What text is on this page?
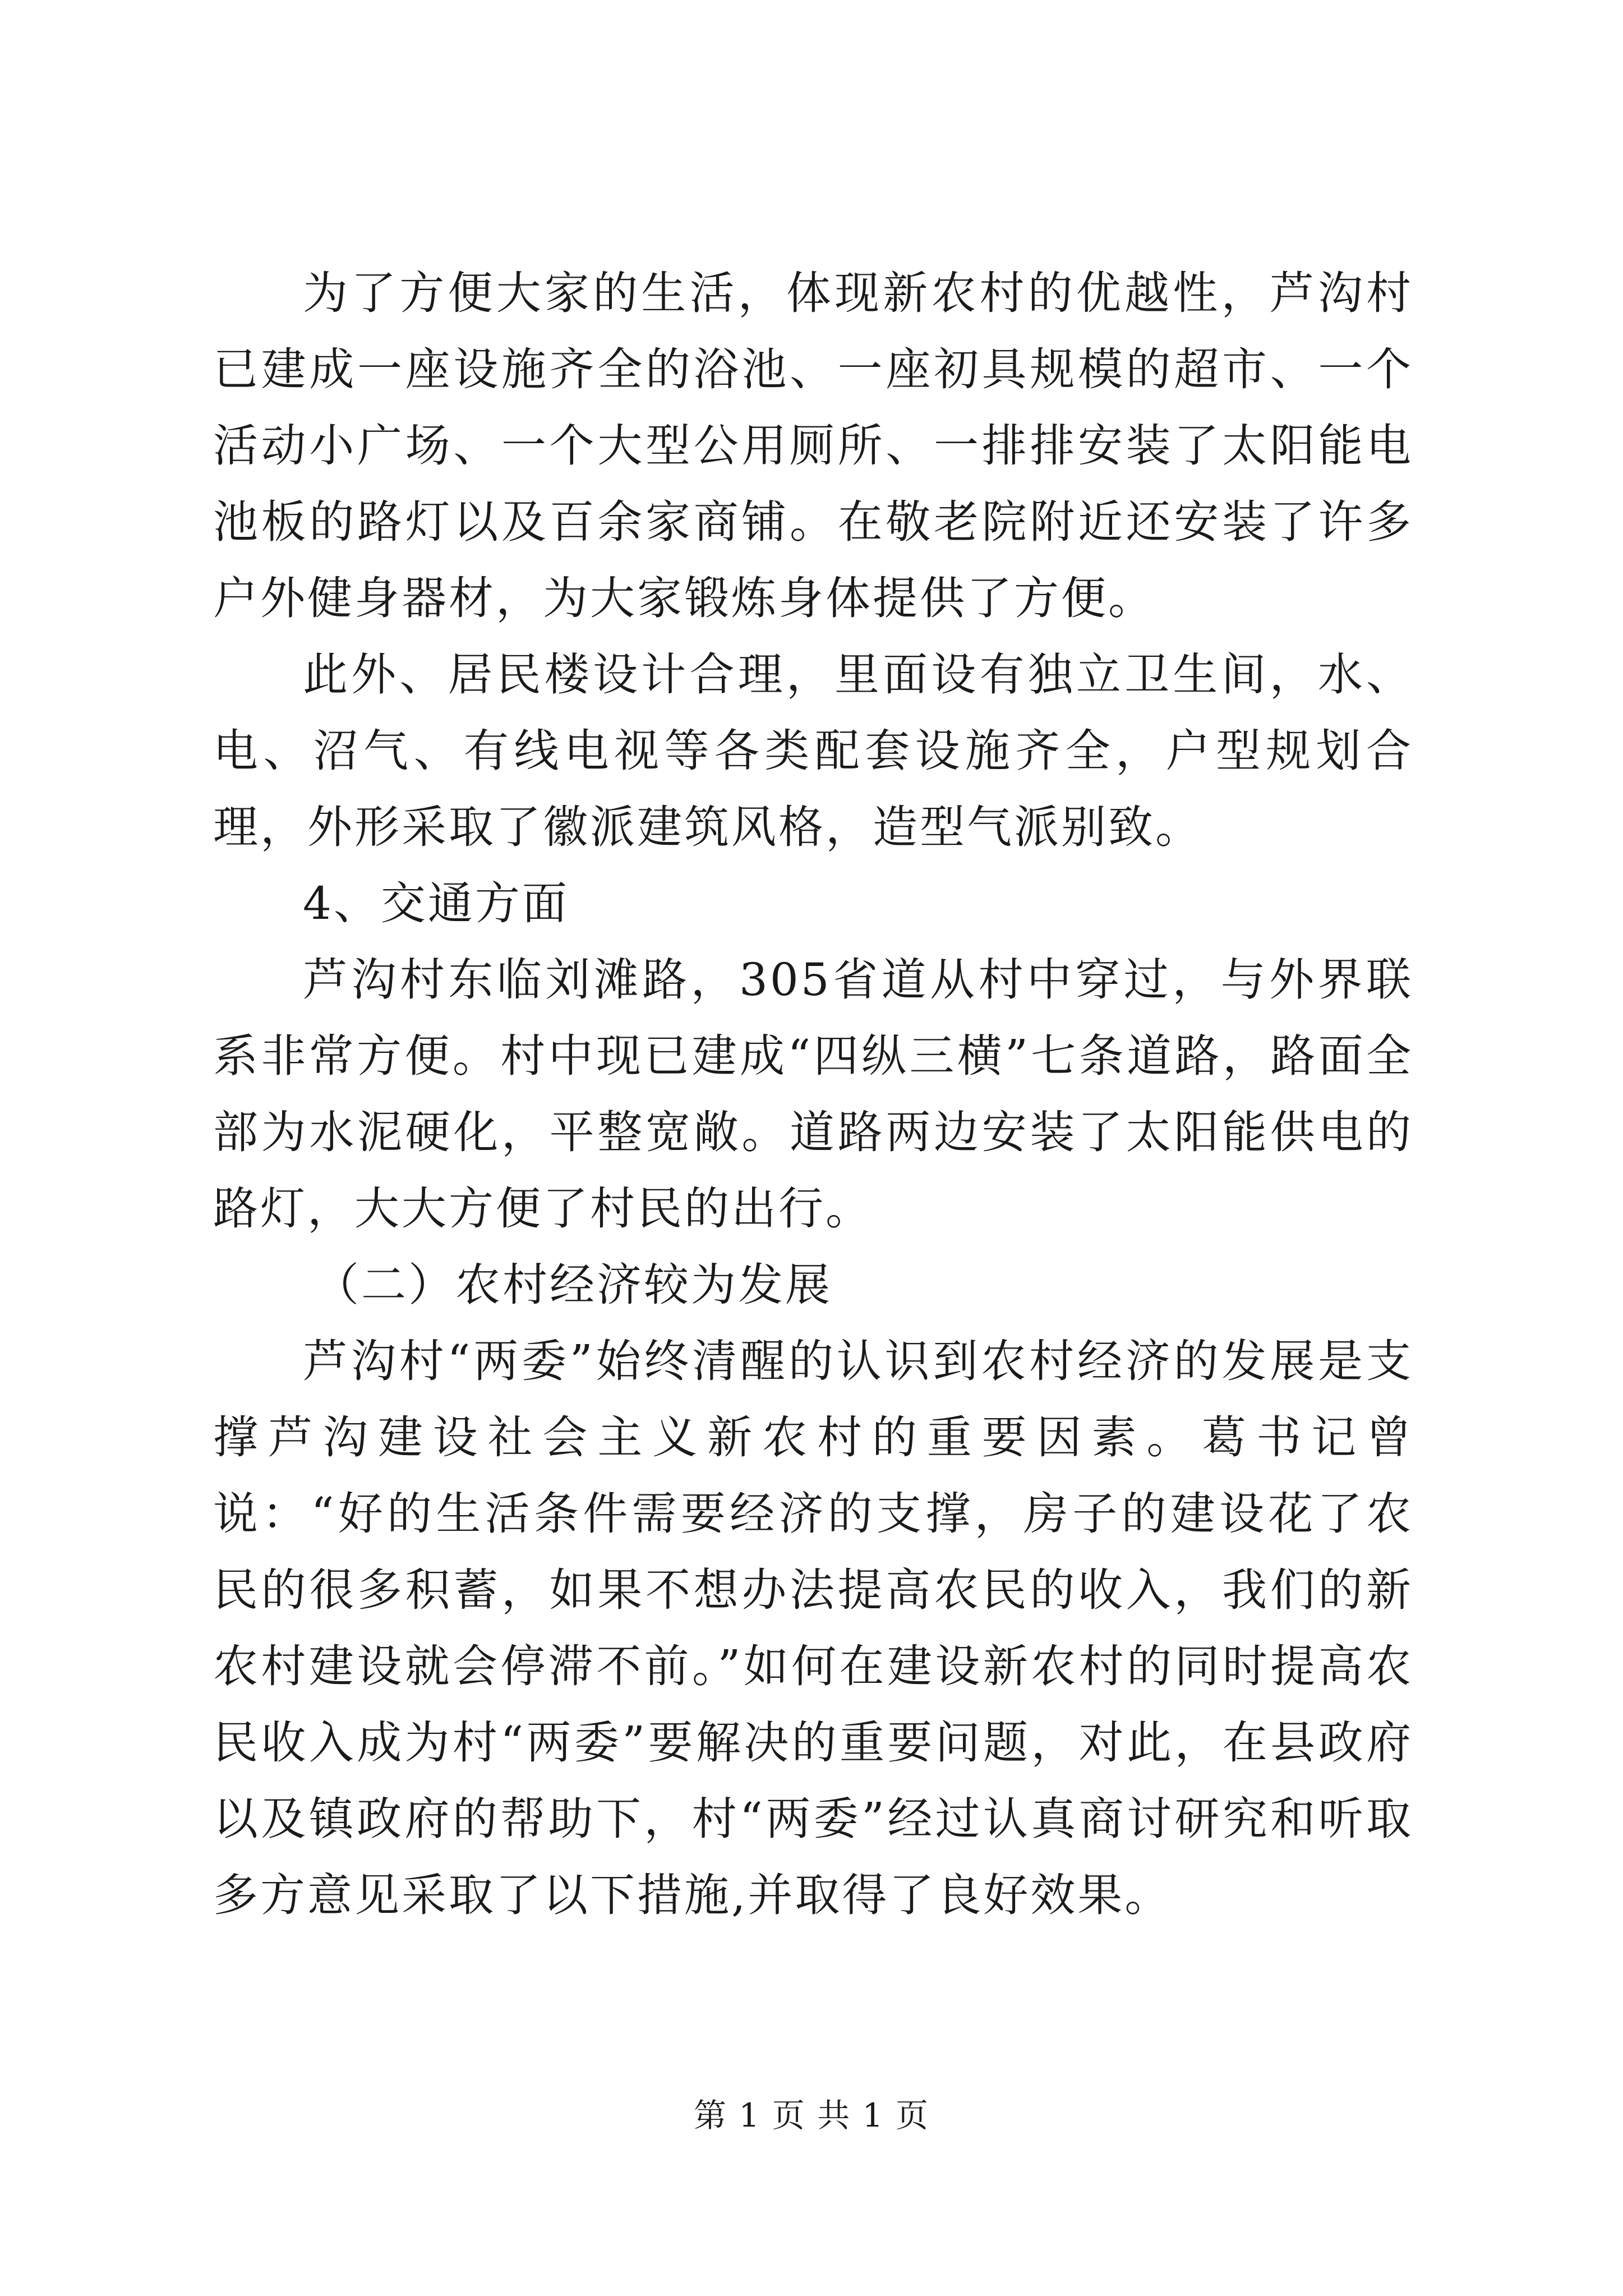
为了方便大家的生活，体现新农村的优越性，芦沟村已建成一座设施齐全的浴池、一座初具规模的超市、一个活动小广场、一个大型公用厕所、一排排安装了太阳能电池板的路灯以及百余家商铺。在敬老院附近还安装了许多户外健身器材，为大家锻炼身体提供了方便。

此外、居民楼设计合理，里面设有独立卫生间，水、电、沼气、有线电视等各类配套设施齐全，户型规划合理，外形采取了徽派建筑风格，造型气派别致。

4、交通方面

芦沟村东临刘滩路，305省道从村中穿过，与外界联系非常方便。村中现已建成“四纵三横”七条道路，路面全部为水泥硬化，平整宽敞。道路两边安装了太阳能供电的路灯，大大方便了村民的出行。

（二）农村经济较为发展

芦沟村“两委”始终清醒的认识到农村经济的发展是支撑芦沟建设社会主义新农村的重要因素。葛书记曾说：“好的生活条件需要经济的支撑，房子的建设花了农民的很多积蓄，如果不想办法提高农民的收入，我们的新农村建设就会停滞不前。”如何在建设新农村的同时提高农民收入成为村“两委”要解决的重要问题，对此，在县政府以及镇政府的帮助下，村“两委”经过认真商讨研究和听取多方意见采取了以下措施,并取得了良好效果。

第 1 页 共 1 页
